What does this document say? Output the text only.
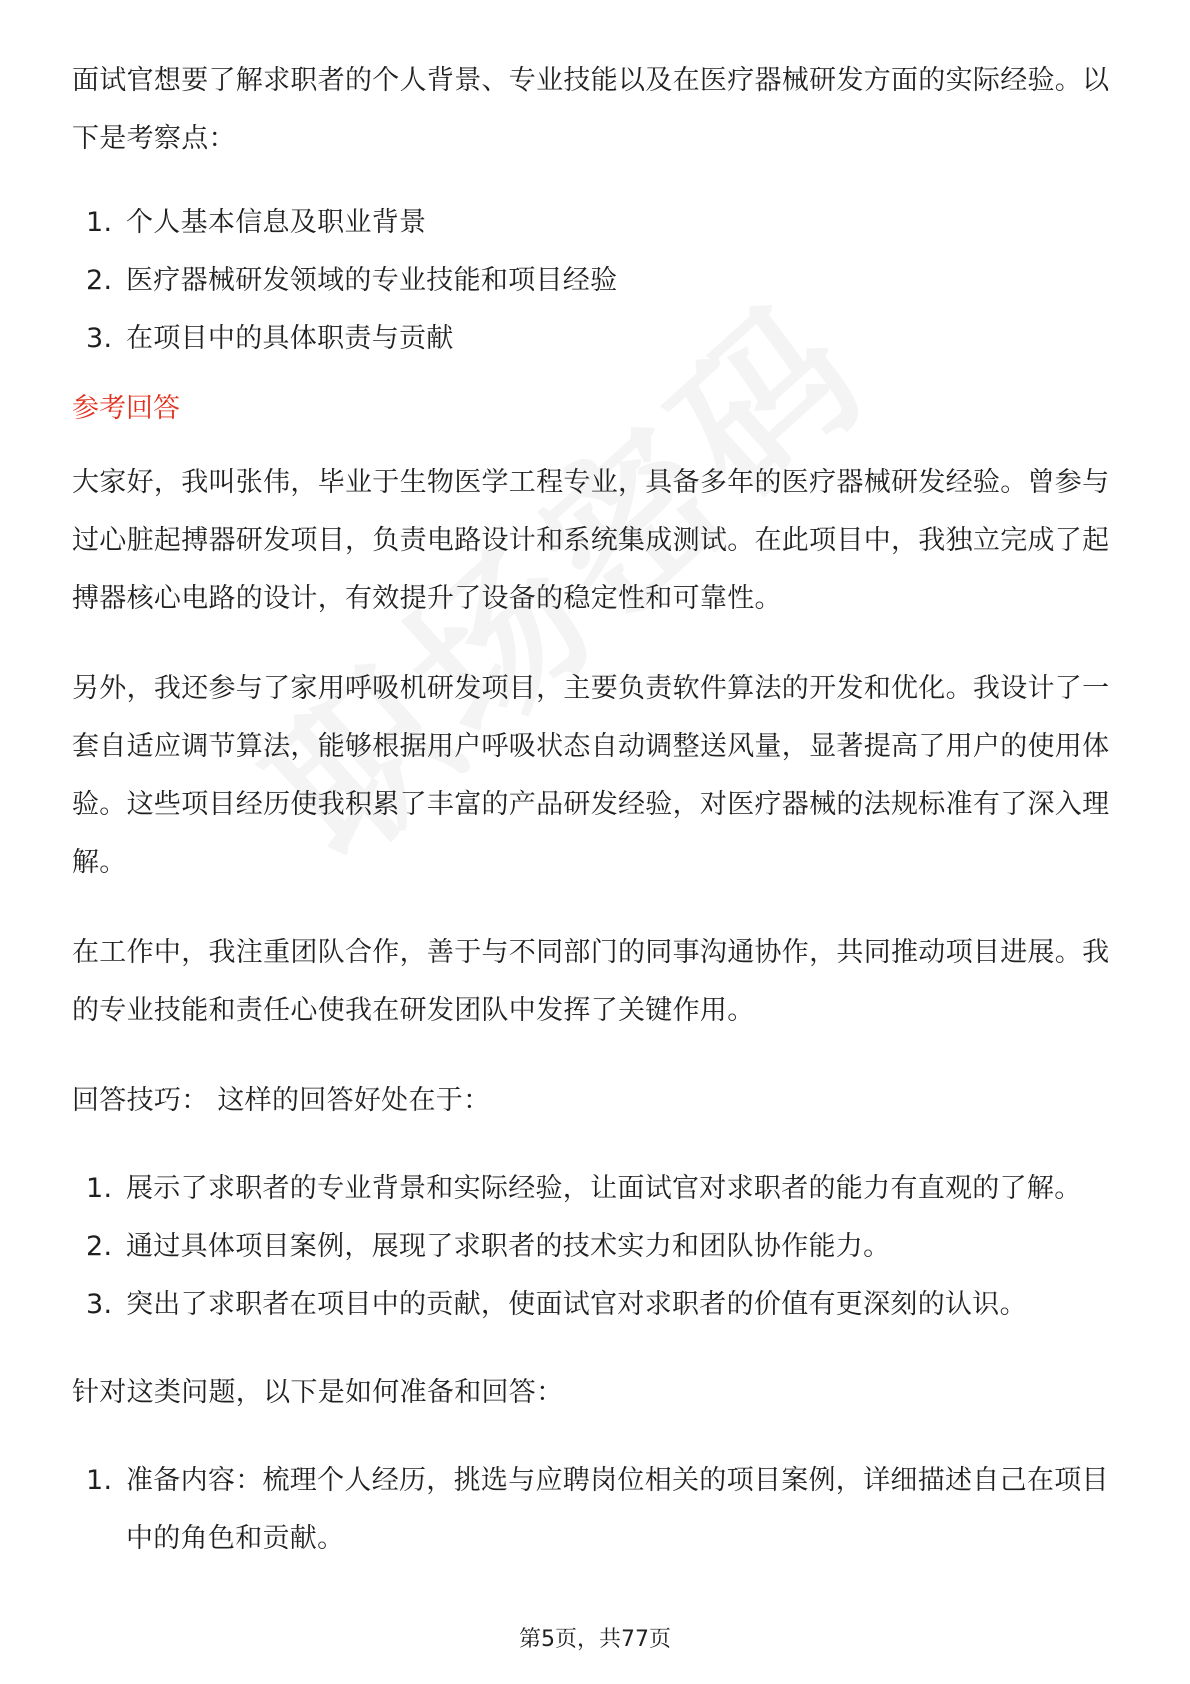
面试官想要了解求职者的个人背景、专业技能以及在医疗器械研发方面的实际经验。以下是考察点：

1. 个人基本信息及职业背景
2. 医疗器械研发领域的专业技能和项目经验
3. 在项目中的具体职责与贡献
参考回答

大家好，我叫张伟，毕业于生物医学工程专业，具备多年的医疗器械研发经验。曾参与过心脏起搏器研发项目，负责电路设计和系统集成测试。在此项目中，我独立完成了起搏器核心电路的设计，有效提升了设备的稳定性和可靠性。

另外，我还参与了家用呼吸机研发项目，主要负责软件算法的开发和优化。我设计了一套自适应调节算法，能够根据用户呼吸状态自动调整送风量，显著提高了用户的使用体验。这些项目经历使我积累了丰富的产品研发经验，对医疗器械的法规标准有了深入理解。

在工作中，我注重团队合作，善于与不同部门的同事沟通协作，共同推动项目进展。我的专业技能和责任心使我在研发团队中发挥了关键作用。

回答技巧： 这样的回答好处在于：

1. 展示了求职者的专业背景和实际经验，让面试官对求职者的能力有直观的了解。
2. 通过具体项目案例，展现了求职者的技术实力和团队协作能力。
3. 突出了求职者在项目中的贡献，使面试官对求职者的价值有更深刻的认识。

针对这类问题，以下是如何准备和回答：

1. 准备内容：梳理个人经历，挑选与应聘岗位相关的项目案例，详细描述自己在项目中的角色和贡献。
第5页，共77页
